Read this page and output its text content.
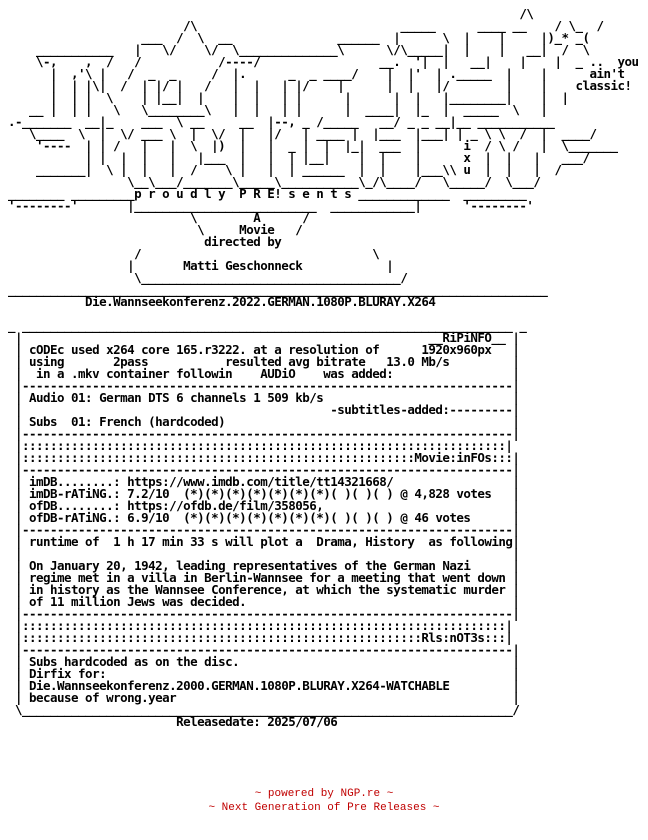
/\
/\                             _____      ____ __    / \_  /
___  /  \  __               ______  |      \  |    |     |)_* _(
___________   |   \/    \/  \______________\      \/\_____|  |    |   __|  /  \
\-,    ,  /   /           /----/                 __.  '|  |   __|    |    |  _ ..  you
|  ,'\ |   /  _  _     /  |.      _  _ ____/    |  |'  | ._____  |    |      ain't
|  | |\|  /  | |/ |   /   |  |   | |/    |      |  |   |/        |    |    classic!
|  | |  \    | |__|  |    |  |   | |      |      |  |   |________|    |  |
__ |  | |   \   \________\   |  |   | |      |  ____|  |_  |  _____  \   |
.-_______  __|_    ___  \ __     __  |--, _ /_____   __/ _ _ __|__ ___________
\____  \  |  \/ ___ \  |  \/  |   |/   | ____ |  |___  |___| | _ \ \  /  |  ____/
'----  | | /   |   |  \  |)  |   |  _ |  |  |_|  ___  |      i  / \ /   |  \_______
| |  |  |   |   |___  |   |  | |__|    |  |    |      x  |  |   |   ___/
_______|  \ |  |   |  /    \ |   |  | ______  |  |    |___\\ u  |  |   |  /
\__\___/_______\_____\___________\_/\____/   \_____/  \___/
________ _________p r o u d l y  P R E! s e n t s _____________  _________
'--------'       |__________________________  ____________|      '--------'
\        A      /
\     Movie   /
directed by
/                                 \
|       Matti Geschonneck            |
\_____________________________________/
_____________________________________________________________________________
Die.Wannseekonferenz.2022.GERMAN.1080P.BLURAY.X264

_ ______________________________________________________________________ _
|                                                          __RiPiNFO__ |
| cODEc used x264 core 165.r3222. at a resolution of      1920x960px   |
| using       2pass           resulted avg bitrate   13.0 Mb/s         |
|  in a .mkv container followin    AUDiO    was added:                 |
|----------------------------------------------------------------------|
| Audio 01: German DTS 6 channels 1 509 kb/s                           |
|                                            -subtitles-added:---------|
| Subs  01: French (hardcoded)                                         |
|----------------------------------------------------------------------|
|:::::::::::::::::::::::::::::::::::::::::::::::::::::::::::::::::::::|
|::::::::::::::::::::::::::::::::::::::::::::::::::::::::Movie:inFOs:::|
|----------------------------------------------------------------------|
| imDB........: https://www.imdb.com/title/tt14321668/                 |
| imDB-rATiNG.: 7.2/10  (*)(*)(*)(*)(*)(*)(*)( )( )( ) @ 4,828 votes   |
| ofDB........: https://ofdb.de/film/358056,                           |
| ofDB-rATiNG.: 6.9/10  (*)(*)(*)(*)(*)(*)(*)( )( )( ) @ 46 votes      |
|----------------------------------------------------------------------|
| runtime of  1 h 17 min 33 s will plot a  Drama, History  as following|
|                                                                      |
| On January 20, 1942, leading representatives of the German Nazi      |
| regime met in a villa in Berlin-Wannsee for a meeting that went down |
| in history as the Wannsee Conference, at which the systematic murder |
| of 11 million Jews was decided.                                      |
|----------------------------------------------------------------------|
|:::::::::::::::::::::::::::::::::::::::::::::::::::::::::::::::::::::|
|:::::::::::::::::::::::::::::::::::::::::::::::::::::::::Rls:nOT3s:::|
|----------------------------------------------------------------------|
| Subs hardcoded as on the disc.                                       |
| Dirfix for:                                                          |
| Die.Wannseekonferenz.2000.GERMAN.1080P.BLURAY.X264-WATCHABLE         |
| because of wrong.year                                                |
\______________________________________________________________________/
Releasedate: 2025/07/06
~ powered by NGP.re ~
~ Next Generation of Pre Releases ~
